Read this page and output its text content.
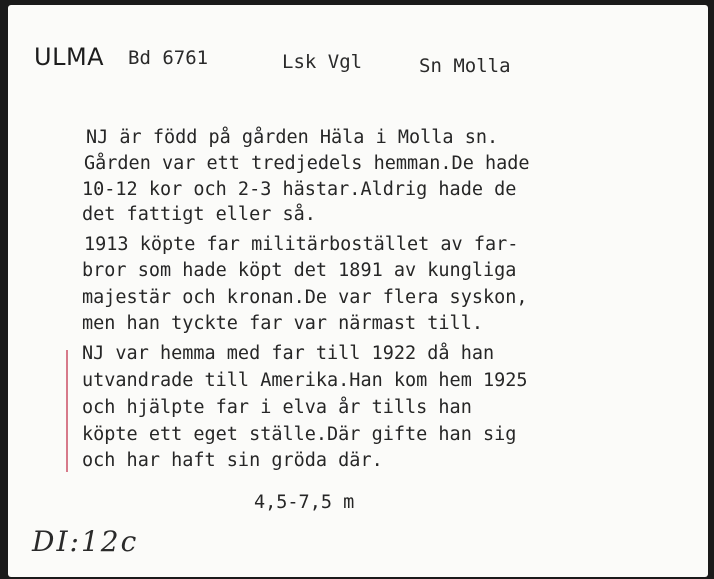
ULMA Bd 6761	Lsk Vgl	Sn Molla
NJ är född på gården Häla i Molla sn.
Gården var ett tredjedels hemman.De hade
10-12 kor och 2-3 hästar.Aldrig hade de
det fattigt eller så.
1913 köpte far militärbostället av far-
bror som hade köpt det 1891 av kungliga
majestär och kronan.De var flera syskon,
men han tyckte far var närmast till.
NJ var hemma med far till 1922 då han
utvandrade till Amerika.Han kom hem 1925
och hjälpte far i elva år tills han
köpte ett eget ställe.Där gifte han sig
och har haft sin gröda där.
4,5-7,5 m
DI:12c
